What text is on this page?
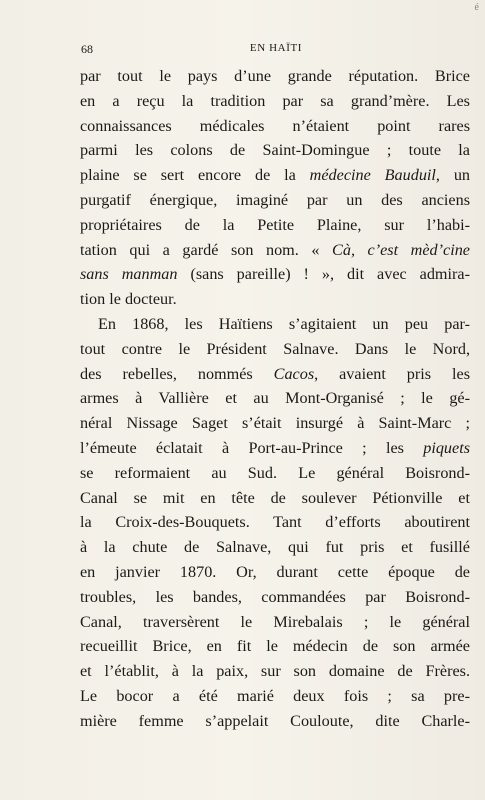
é
68	EN HAÏTI
par tout le pays d’une grande réputation. Brice
en a reçu la tradition par sa grand’mère. Les
connaissances médicales n’étaient point rares
parmi les colons de Saint-Domingue ; toute la
plaine se sert encore de la médecine Bauduil, un
purgatif énergique, imaginé par un des anciens
propriétaires de la Petite Plaine, sur l’habi-
tation qui a gardé son nom. « Cà, c’est mèd’cine
sans manman (sans pareille) ! », dit avec admira-
tion le docteur.
En 1868, les Haïtiens s’agitaient un peu par-
tout contre le Président Salnave. Dans le Nord,
des rebelles, nommés Cacos, avaient pris les
armes à Vallière et au Mont-Organisé ; le gé-
néral Nissage Saget s’était insurgé à Saint-Marc ;
l’émeute éclatait à Port-au-Prince ; les piquets
se reformaient au Sud. Le général Boisrond-
Canal se mit en tête de soulever Pétionville et
la Croix-des-Bouquets. Tant d’efforts aboutirent
à la chute de Salnave, qui fut pris et fusillé
en janvier 1870. Or, durant cette époque de
troubles, les bandes, commandées par Boisrond-
Canal, traversèrent le Mirebalais ; le général
recueillit Brice, en fit le médecin de son armée
et l’établit, à la paix, sur son domaine de Frères.
Le bocor a été marié deux fois ; sa pre-
mière femme s’appelait Couloute, dite Charle-
